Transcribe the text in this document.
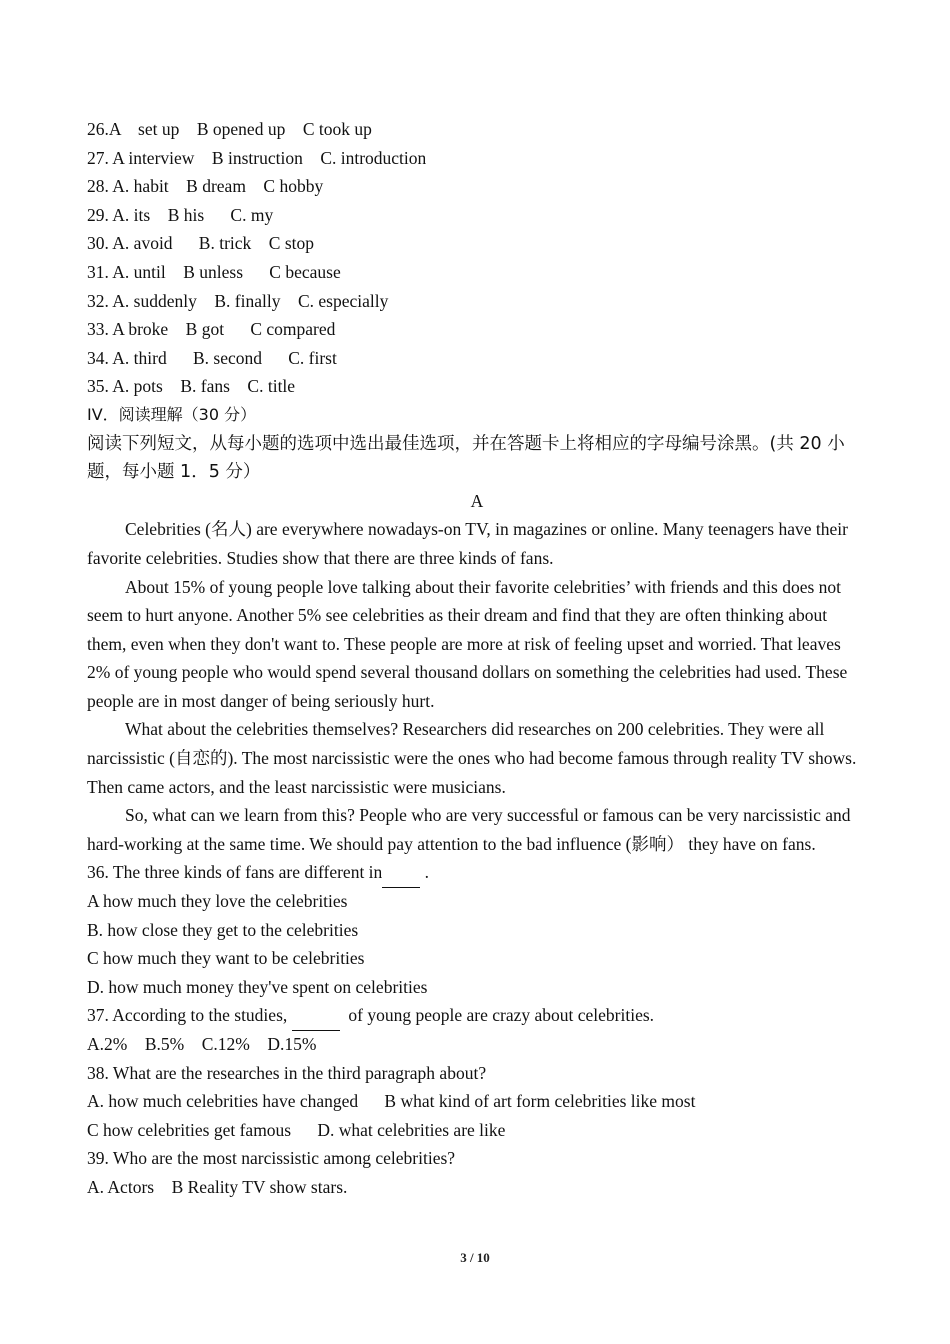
26.A    set up    B opened up    C took up
27. A interview    B instruction    C. introduction
28. A. habit    B dream    C hobby
29. A. its    B his      C. my
30. A. avoid      B. trick    C stop
31. A. until    B unless      C because
32. A. suddenly    B. finally    C. especially
33. A broke    B got      C compared
34. A. third      B. second      C. first
35. A. pots    B. fans    C. title
IV．阅读理解（30 分）
阅读下列短文，从每小题的选项中选出最佳选项，并在答题卡上将相应的字母编号涂黑。(共 20 小题，每小题 1．5 分）
A
Celebrities (名人) are everywhere nowadays-on TV, in magazines or online. Many teenagers have their favorite celebrities. Studies show that there are three kinds of fans.
About 15% of young people love talking about their favorite celebrities’ with friends and this does not seem to hurt anyone. Another 5% see celebrities as their dream and find that they are often thinking about them, even when they don't want to. These people are more at risk of feeling upset and worried. That leaves 2% of young people who would spend several thousand dollars on something the celebrities had used. These people are in most danger of being seriously hurt.
What about the celebrities themselves? Researchers did researches on 200 celebrities. They were all narcissistic (自恋的). The most narcissistic were the ones who had become famous through reality TV shows. Then came actors, and the least narcissistic were musicians.
So, what can we learn from this? People who are very successful or famous can be very narcissistic and hard-working at the same time. We should pay attention to the bad influence (影响） they have on fans.
36. The three kinds of fans are different in  .
A how much they love the celebrities
B. how close they get to the celebrities
C how much they want to be celebrities
D. how much money they've spent on celebrities
37. According to the studies,	of young people are crazy about celebrities.
A.2%    B.5%    C.12%    D.15%
38. What are the researches in the third paragraph about?
A. how much celebrities have changed      B what kind of art form celebrities like most
C how celebrities get famous      D. what celebrities are like
39. Who are the most narcissistic among celebrities?
A. Actors    B Reality TV show stars.
3 / 10
